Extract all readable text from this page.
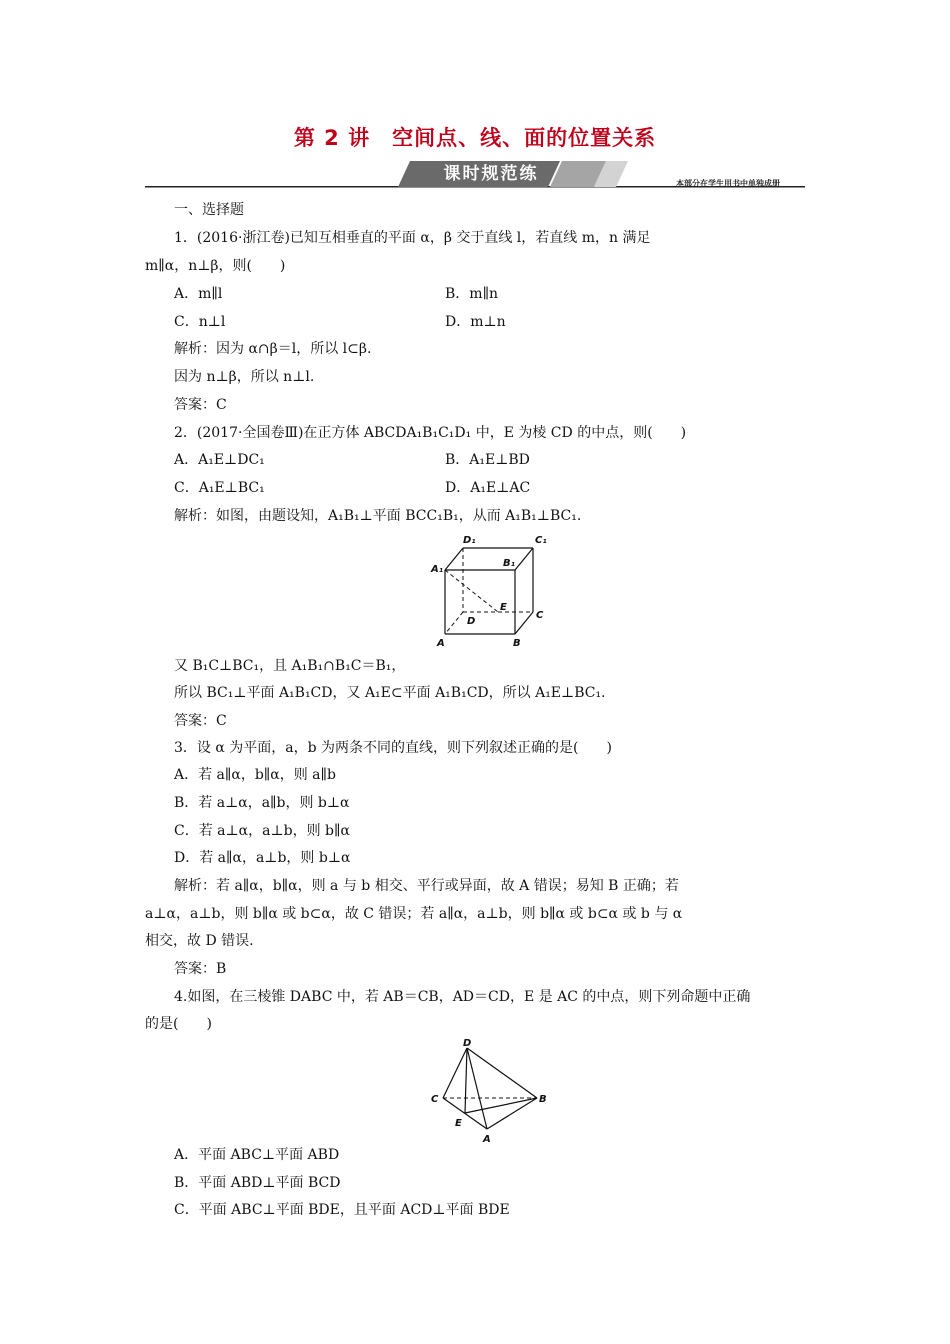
第 2 讲　空间点、线、面的位置关系
课时规范练	本部分在学生用书中单独成册
一、选择题
1．(2016·浙江卷)已知互相垂直的平面 α，β 交于直线 l，若直线 m，n 满足
m∥α，n⊥β，则(　　)
A．m∥l	B．m∥n
C．n⊥l	D．m⊥n
解析：因为 α∩β＝l，所以 l⊂β.
因为 n⊥β，所以 n⊥l.
答案：C
2．(2017·全国卷Ⅲ)在正方体 ABCDA₁B₁C₁D₁ 中，E 为棱 CD 的中点，则(　　)
A．A₁E⊥DC₁	B．A₁E⊥BD
C．A₁E⊥BC₁	D．A₁E⊥AC
解析：如图，由题设知，A₁B₁⊥平面 BCC₁B₁，从而 A₁B₁⊥BC₁.
D₁	C₁
A₁
B₁
E
D
C
A	B
又 B₁C⊥BC₁，且 A₁B₁∩B₁C＝B₁，
所以 BC₁⊥平面 A₁B₁CD，又 A₁E⊂平面 A₁B₁CD，所以 A₁E⊥BC₁.
答案：C
3．设 α 为平面，a，b 为两条不同的直线，则下列叙述正确的是(　　)
A．若 a∥α，b∥α，则 a∥b
B．若 a⊥α，a∥b，则 b⊥α
C．若 a⊥α，a⊥b，则 b∥α
D．若 a∥α，a⊥b，则 b⊥α
解析：若 a∥α，b∥α，则 a 与 b 相交、平行或异面，故 A 错误；易知 B 正确；若
a⊥α，a⊥b，则 b∥α 或 b⊂α，故 C 错误；若 a∥α，a⊥b，则 b∥α 或 b⊂α 或 b 与 α
相交，故 D 错误.
答案：B
4.如图，在三棱锥 DABC 中，若 AB＝CB，AD＝CD，E 是 AC 的中点，则下列命题中正确
的是(　　)
D
C	B
E
A
A．平面 ABC⊥平面 ABD
B．平面 ABD⊥平面 BCD
C．平面 ABC⊥平面 BDE，且平面 ACD⊥平面 BDE
